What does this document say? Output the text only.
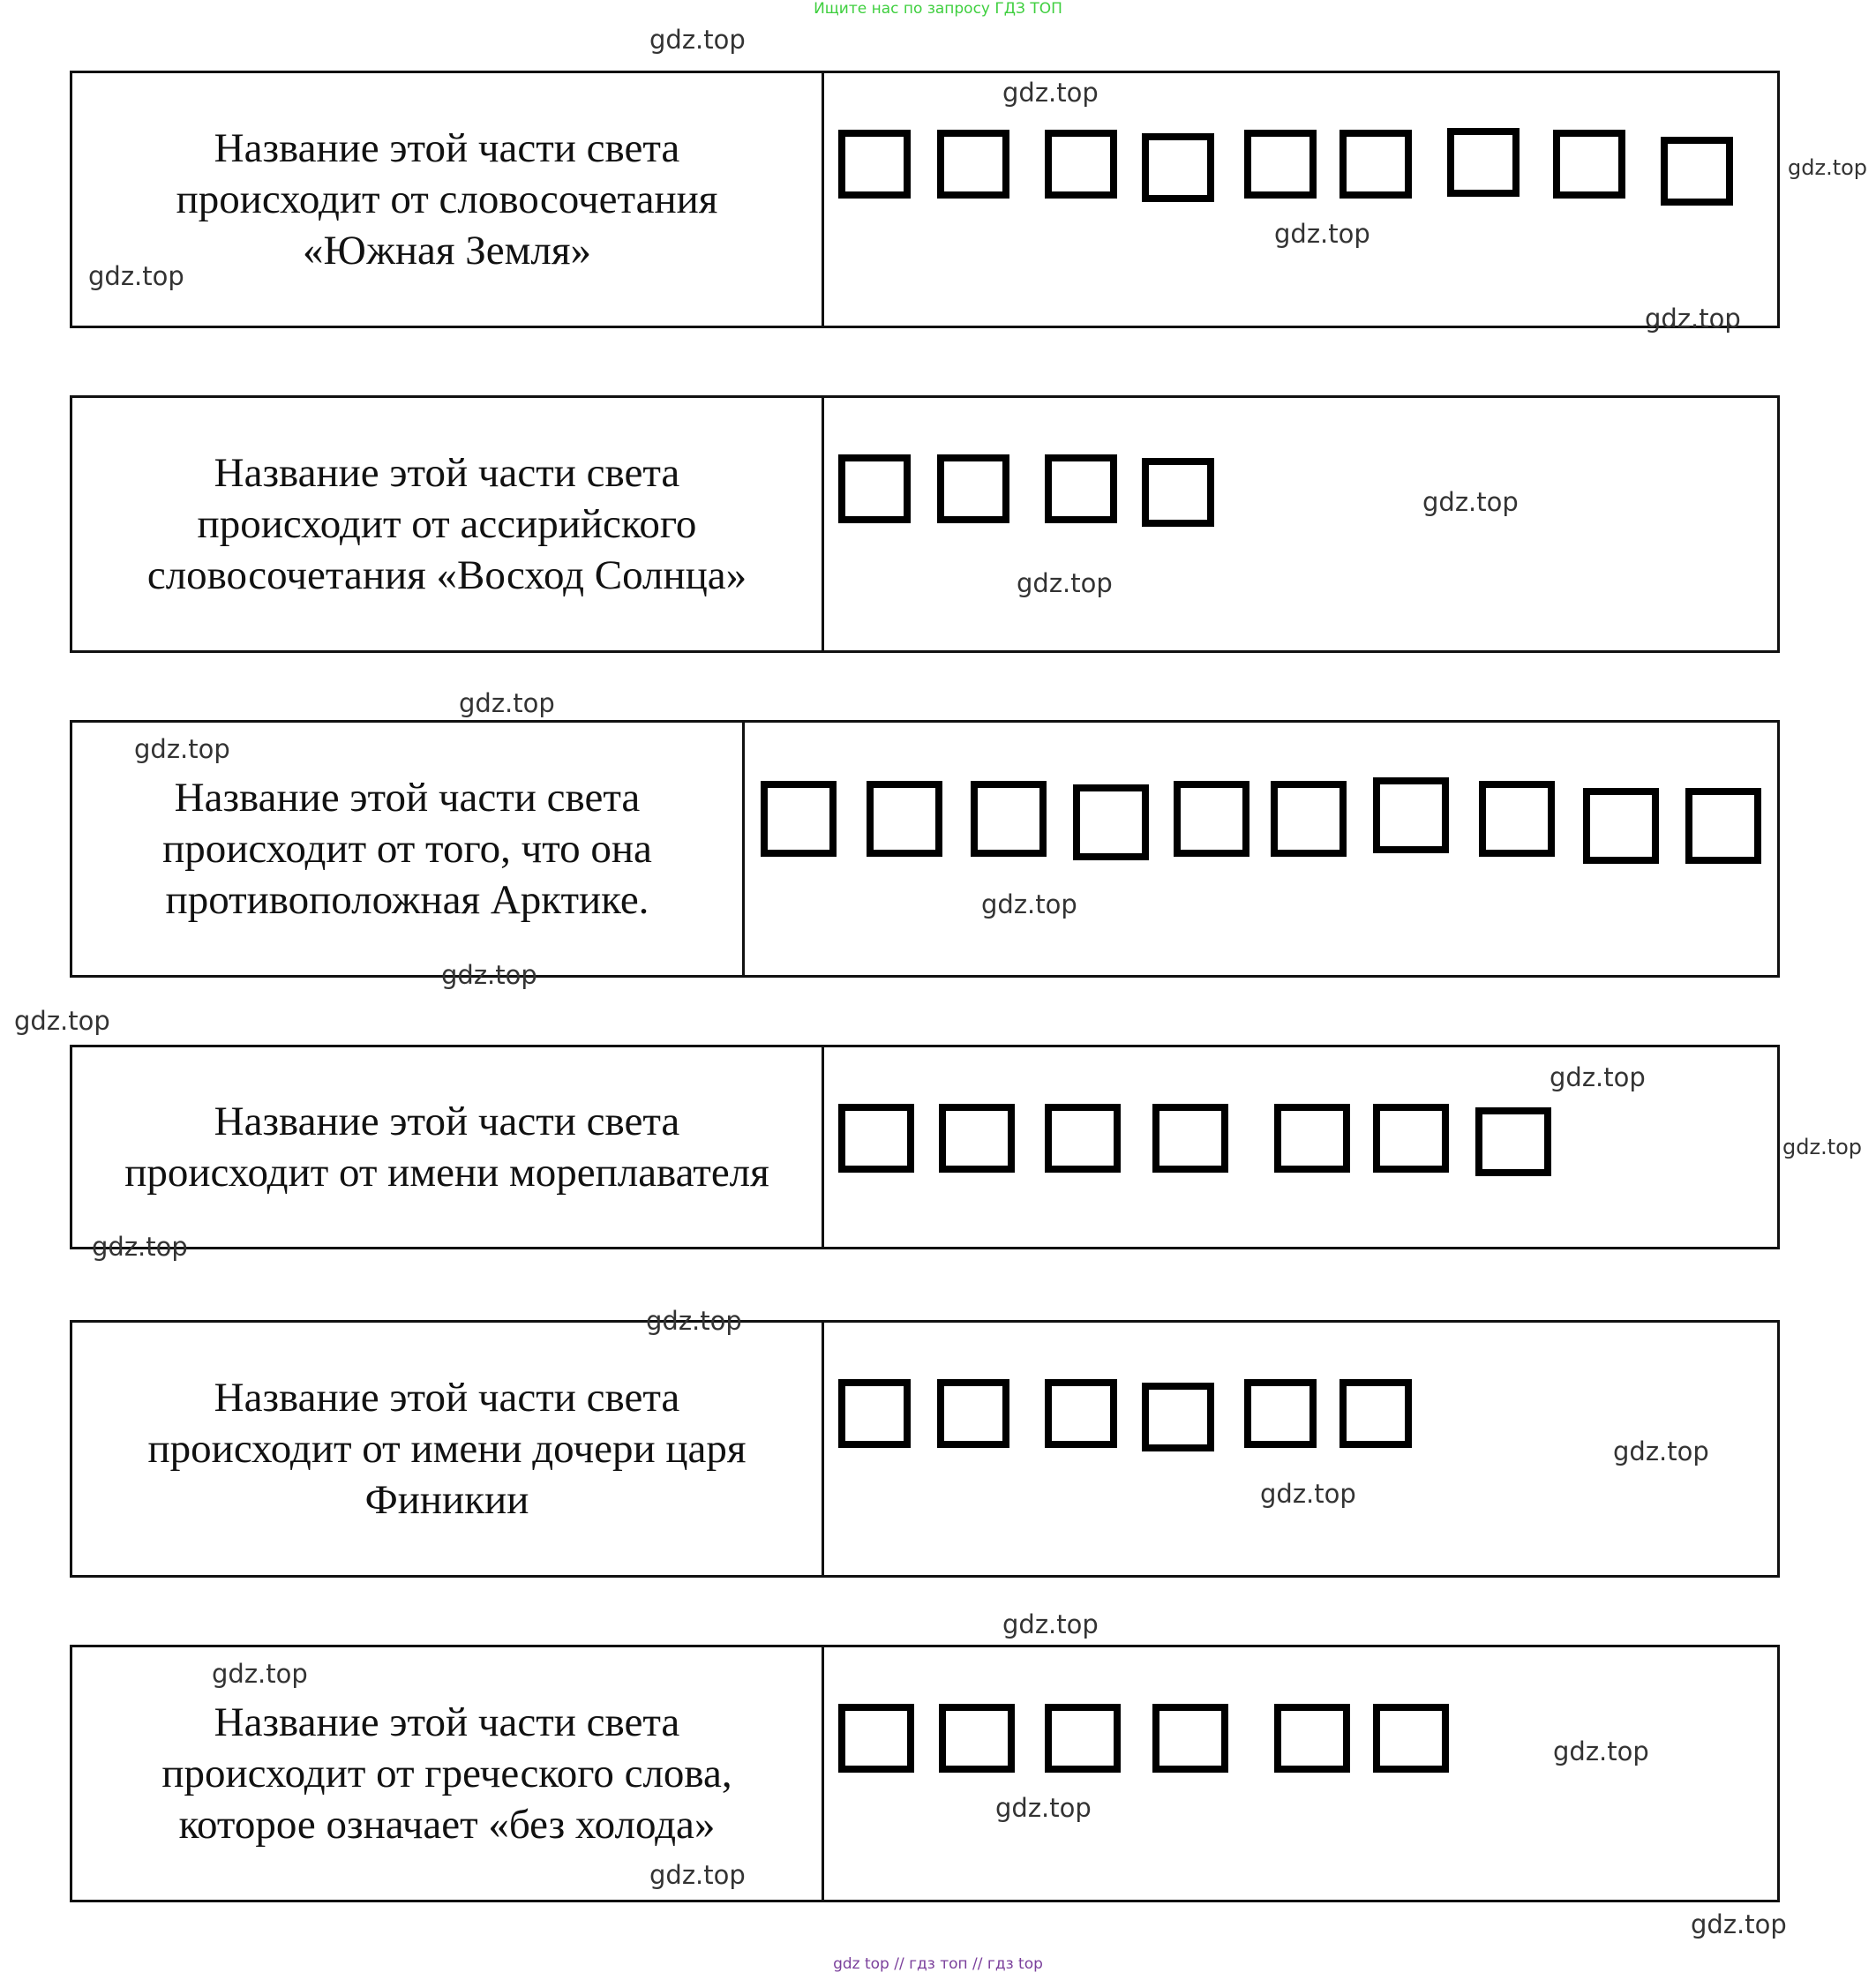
Ищите нас по запросу ГДЗ ТОП
Название этой части света
происходит от словосочетания
«Южная Земля»
Название этой части света
происходит от ассирийского
словосочетания «Восход Солнца»
Название этой части света
происходит от того, что она
противоположная Арктике.
Название этой части света
происходит от имени мореплавателя
Название этой части света
происходит от имени дочери царя
Финикии
Название этой части света
происходит от греческого слова,
которое означает «без холода»
gdz.top
gdz.top
gdz.top
gdz.top
gdz.top
gdz.top
gdz.top
gdz.top
gdz.top
gdz.top
gdz.top
gdz.top
gdz.top
gdz.top
gdz.top
gdz.top
gdz.top
gdz.top
gdz.top
gdz.top
gdz.top
gdz.top
gdz.top
gdz.top
gdz.top
gdz top // гдз топ // гдз top
